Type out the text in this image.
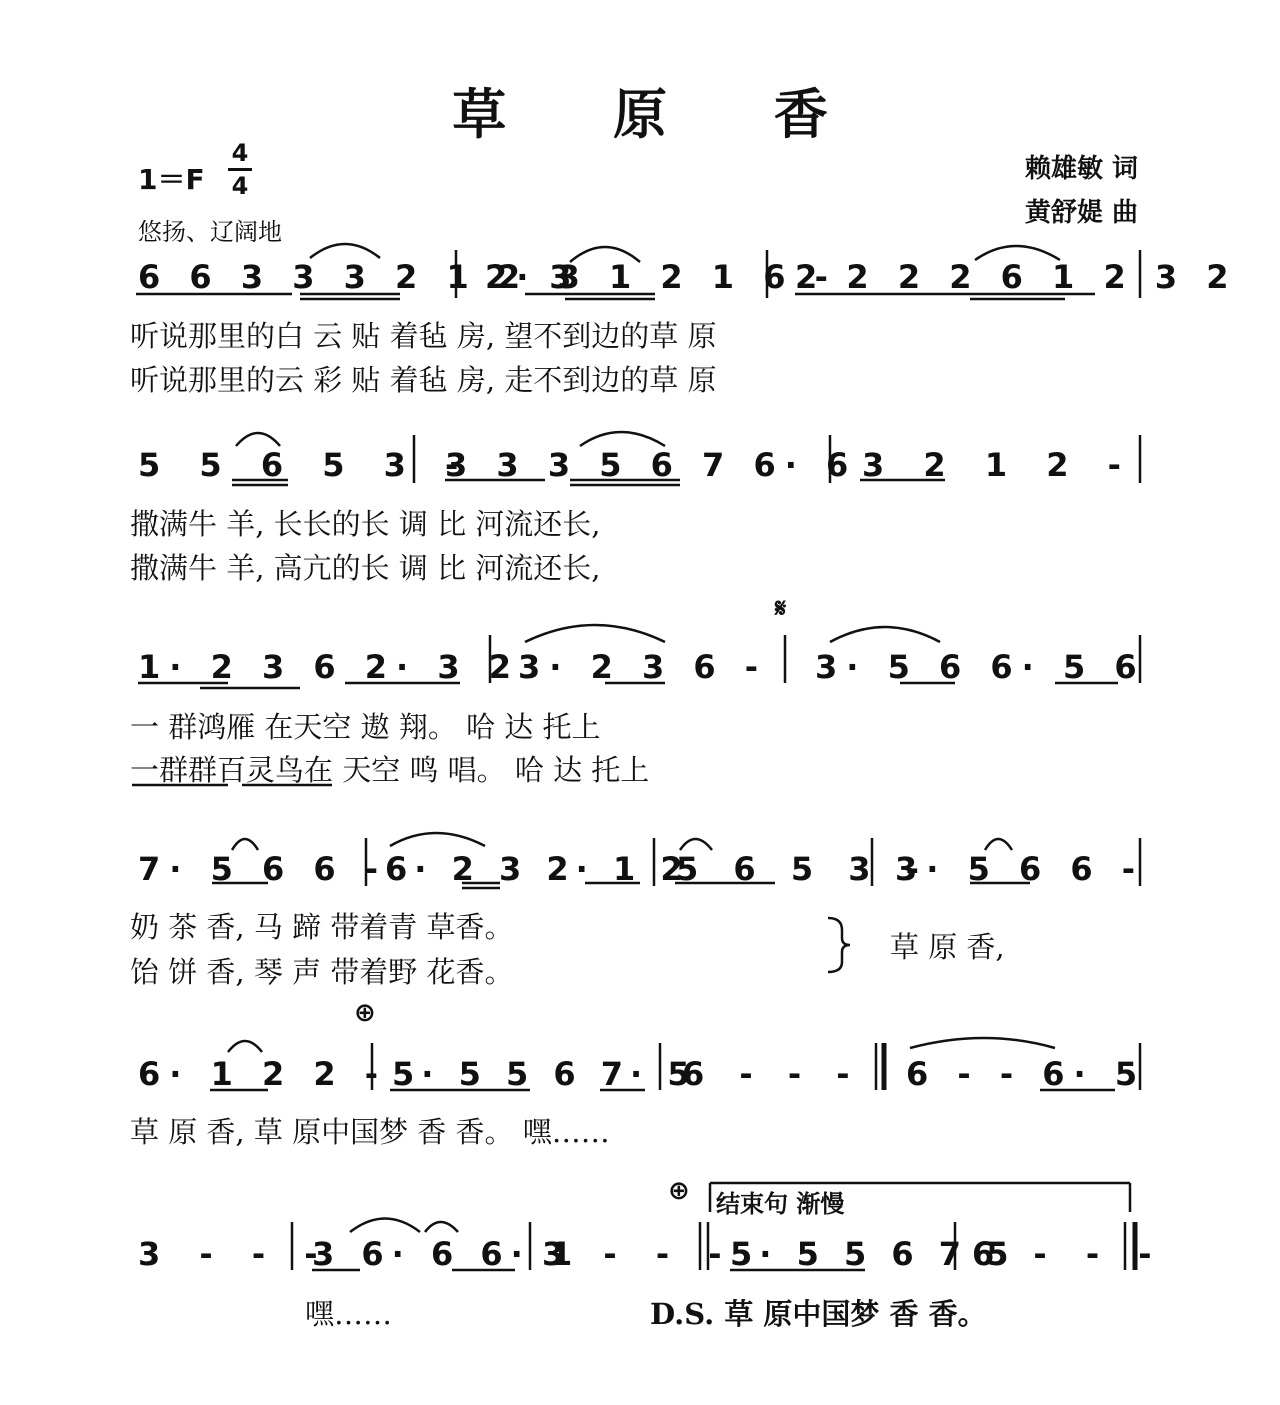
草 原 香
1＝F
4
4
悠扬、辽阔地
赖雄敏 词
黄舒媞 曲
6 6 3 3 3 2 1 2 3
2· 3 1 2 1 6 -
2 2 2 2 6 1 2 3 2
听说那里的白 云 贴 着毡 房, 望不到边的草 原
听说那里的云 彩 贴 着毡 房, 走不到边的草 原
5 5 6 5 3 -
3 3 3 5 6 7 6· 6 3 2 1 2 -
撒满牛 羊, 长长的长 调 比 河流还长,
撒满牛 羊, 高亢的长 调 比 河流还长,
𝄋
1· 2 3 6 2· 3 2
3· 2 3 6 - 3· 5 6 6· 5 6
一 群鸿雁 在天空 遨 翔。 哈 达 托上
一群群百灵鸟在 天空 鸣 唱。 哈 达 托上
7· 5 6 6 -
6· 2 3 2· 1 2
5 6 5 3 -
3· 5 6 6 -
奶 茶 香, 马 蹄 带着青 草香。
饴 饼 香, 琴 声 带着野 花香。
草 原 香,
⊕
6· 1 2 2 - 5· 5 5 6 7· 5
6 - - - 6 - - 6· 5
草 原 香, 草 原中国梦 香 香。 嘿……
⊕ 结束句 渐慢
3 - - -
3 6· 6 6· 1
3 - - -
5· 5 5 6 7 5
6 - - -
嘿……	D.S. 草 原中国梦 香 香。
